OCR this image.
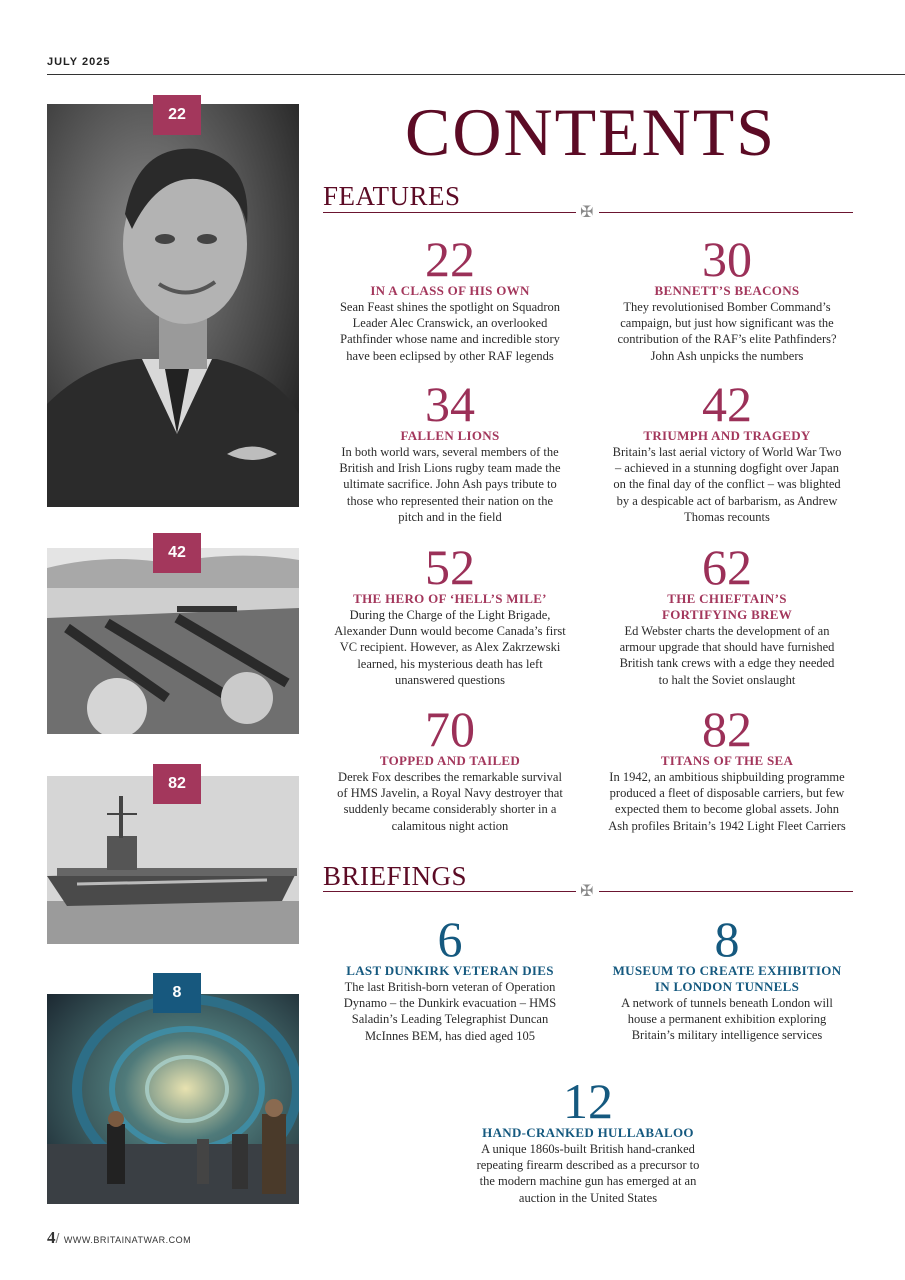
JULY 2025
22
42
82
8
CONTENTS
FEATURES
✠
22
IN A CLASS OF HIS OWN
Sean Feast shines the spotlight on Squadron
Leader Alec Cranswick, an overlooked
Pathfinder whose name and incredible story
have been eclipsed by other RAF legends
30
BENNETT’S BEACONS
They revolutionised Bomber Command’s
campaign, but just how significant was the
contribution of the RAF’s elite Pathfinders?
John Ash unpicks the numbers
34
FALLEN LIONS
In both world wars, several members of the
British and Irish Lions rugby team made the
ultimate sacrifice. John Ash pays tribute to
those who represented their nation on the
pitch and in the field
42
TRIUMPH AND TRAGEDY
Britain’s last aerial victory of World War Two
– achieved in a stunning dogfight over Japan
on the final day of the conflict – was blighted
by a despicable act of barbarism, as Andrew
Thomas recounts
52
THE HERO OF ‘HELL’S MILE’
During the Charge of the Light Brigade,
Alexander Dunn would become Canada’s first
VC recipient. However, as Alex Zakrzewski
learned, his mysterious death has left
unanswered questions
62
THE CHIEFTAIN’S
FORTIFYING BREW
Ed Webster charts the development of an
armour upgrade that should have furnished
British tank crews with a edge they needed
to halt the Soviet onslaught
70
TOPPED AND TAILED
Derek Fox describes the remarkable survival
of HMS Javelin, a Royal Navy destroyer that
suddenly became considerably shorter in a
calamitous night action
82
TITANS OF THE SEA
In 1942, an ambitious shipbuilding programme
produced a fleet of disposable carriers, but few
expected them to become global assets. John
Ash profiles Britain’s 1942 Light Fleet Carriers
BRIEFINGS	✠
6
LAST DUNKIRK VETERAN DIES
The last British-born veteran of Operation
Dynamo – the Dunkirk evacuation – HMS
Saladin’s Leading Telegraphist Duncan
McInnes BEM, has died aged 105
8
MUSEUM TO CREATE EXHIBITION
IN LONDON TUNNELS
A network of tunnels beneath London will
house a permanent exhibition exploring
Britain’s military intelligence services
12
HAND-CRANKED HULLABALOO
A unique 1860s-built British hand-cranked
repeating firearm described as a precursor to
the modern machine gun has emerged at an
auction in the United States
4/ WWW.BRITAINATWAR.COM
